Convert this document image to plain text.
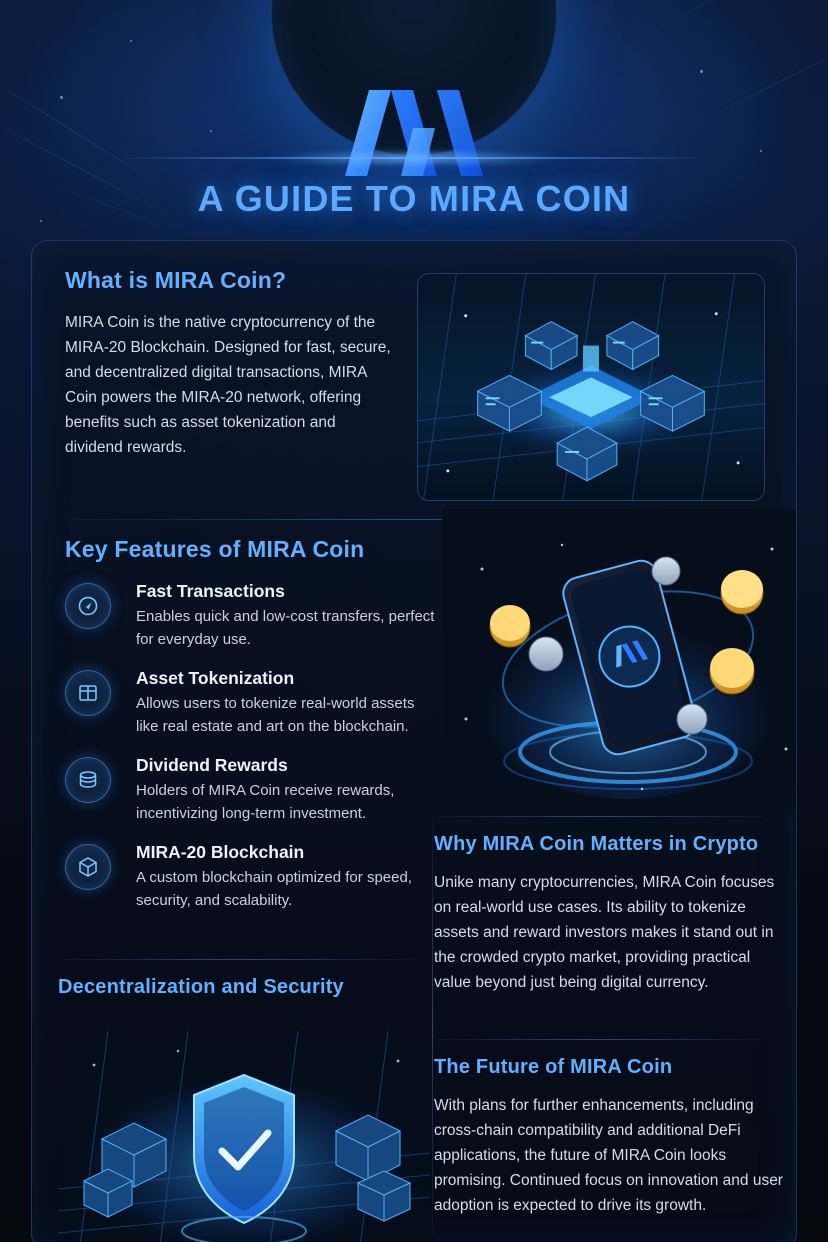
A GUIDE TO MIRA COIN
What is MIRA Coin?
MIRA Coin is the native cryptocurrency of the MIRA-20 Blockchain. Designed for fast, secure, and decentralized digital transactions, MIRA Coin powers the MIRA-20 network, offering benefits such as asset tokenization and dividend rewards.
Key Features of MIRA Coin
Fast Transactions
Enables quick and low-cost transfers, perfect for everyday use.
Asset Tokenization
Allows users to tokenize real-world assets like real estate and art on the blockchain.
Dividend Rewards
Holders of MIRA Coin receive rewards, incentivizing long-term investment.
MIRA-20 Blockchain
A custom blockchain optimized for speed, security, and scalability.
Why MIRA Coin Matters in Crypto
Unike many cryptocurrencies, MIRA Coin focuses on real-world use cases. Its ability to tokenize assets and reward investors makes it stand out in the crowded crypto market, providing practical value beyond just being digital currency.
Decentralization and Security
The Future of MIRA Coin
With plans for further enhancements, including cross-chain compatibility and additional DeFi applications, the future of MIRA Coin looks promising. Continued focus on innovation and user adoption is expected to drive its growth.
